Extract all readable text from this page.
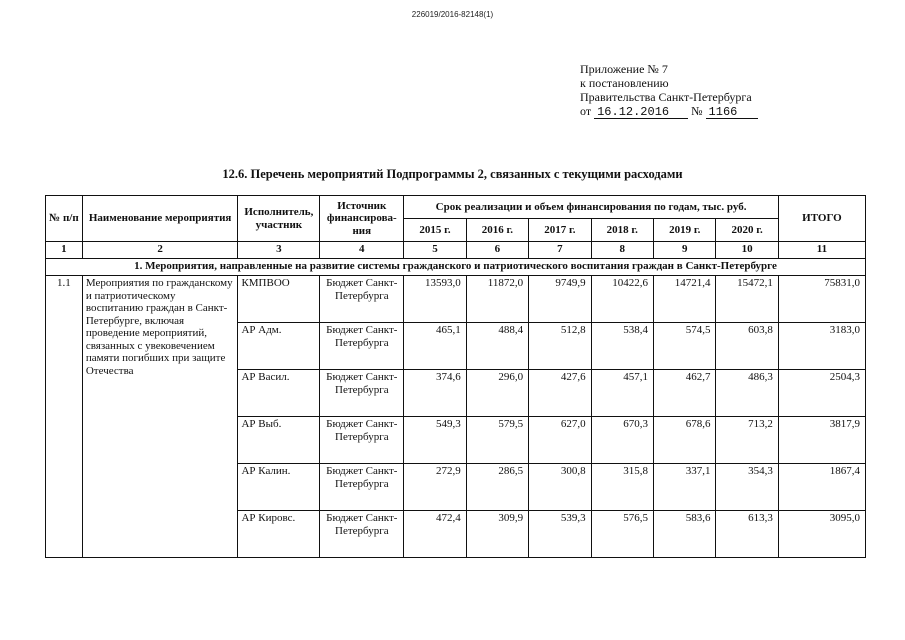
226019/2016-82148(1)
Приложение № 7
к постановлению
Правительства Санкт-Петербурга
от 16.12.2016 № 1166
12.6. Перечень мероприятий Подпрограммы 2, связанных с текущими расходами
№ п/п	Наименование мероприятия	Исполнитель, участник	Источник финансирова-ния	Срок реализации и объем финансирования по годам, тыс. руб.						ИТОГО
				2015 г.	2016 г.	2017 г.	2018 г.	2019 г.	2020 г.	
1	2	3	4	5	6	7	8	9	10	11
1. Мероприятия, направленные на развитие системы гражданского и патриотического воспитания граждан в Санкт-Петербурге										
1.1	Мероприятия по гражданскому и патриотическому воспитанию граждан в Санкт-Петербурге, включая проведение мероприятий, связанных с увековечением памяти погибших при защите Отечества	КМПВОО	Бюджет Санкт-Петербурга	13593,0	11872,0	9749,9	10422,6	14721,4	15472,1	75831,0
		АР Адм.	Бюджет Санкт-Петербурга	465,1	488,4	512,8	538,4	574,5	603,8	3183,0
		АР Васил.	Бюджет Санкт-Петербурга	374,6	296,0	427,6	457,1	462,7	486,3	2504,3
		АР Выб.	Бюджет Санкт-Петербурга	549,3	579,5	627,0	670,3	678,6	713,2	3817,9
		АР Калин.	Бюджет Санкт-Петербурга	272,9	286,5	300,8	315,8	337,1	354,3	1867,4
		АР Кировс.	Бюджет Санкт-Петербурга	472,4	309,9	539,3	576,5	583,6	613,3	3095,0
